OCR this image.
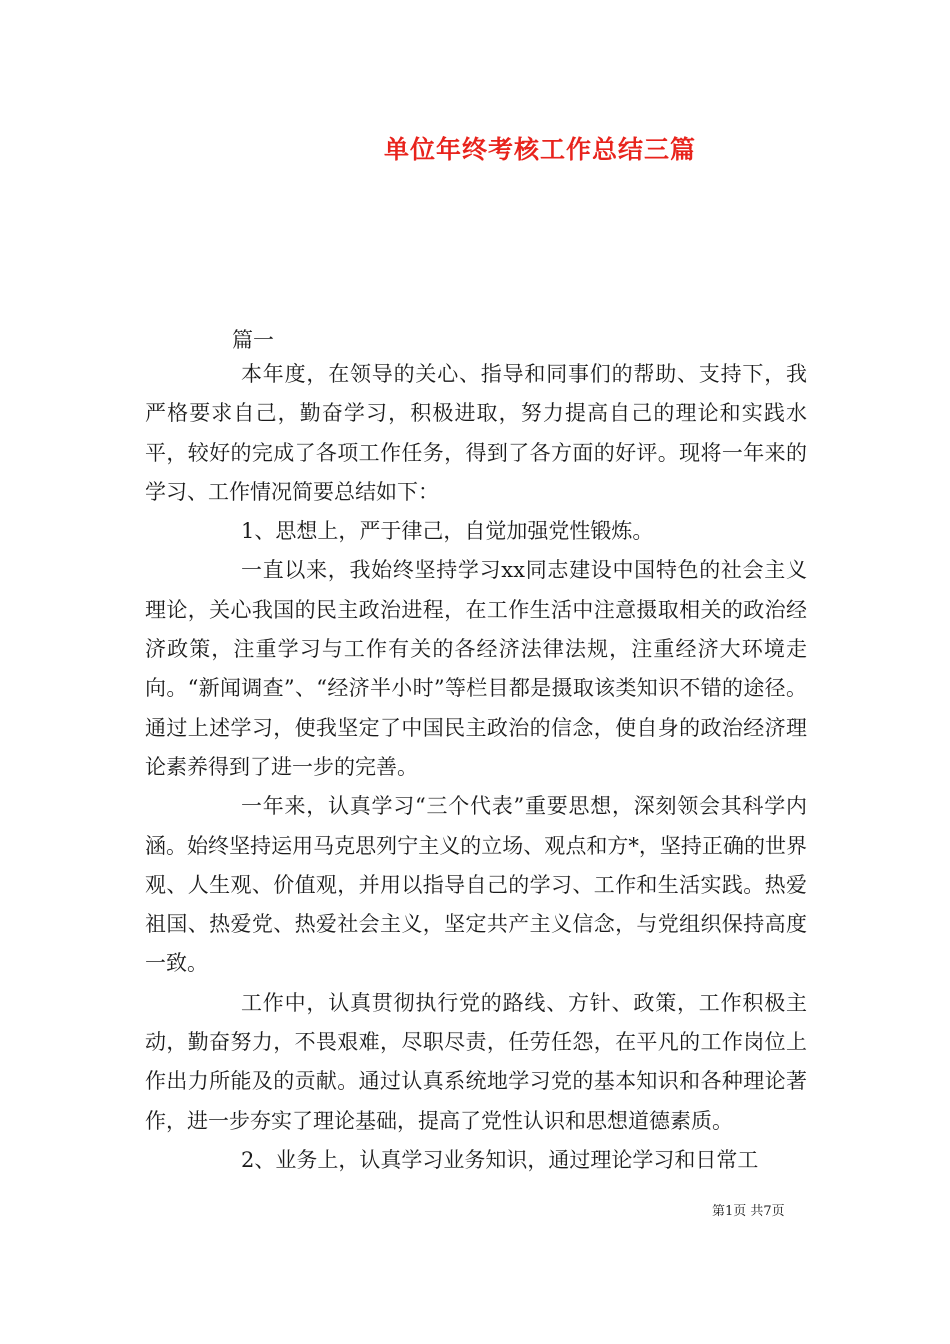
单位年终考核工作总结三篇
篇一

本年度，在领导的关心、指导和同事们的帮助、支持下，我严格要求自己，勤奋学习，积极进取，努力提高自己的理论和实践水平，较好的完成了各项工作任务，得到了各方面的好评。现将一年来的学习、工作情况简要总结如下：

1、思想上，严于律己，自觉加强党性锻炼。

一直以来，我始终坚持学习xx同志建设中国特色的社会主义理论，关心我国的民主政治进程，在工作生活中注意摄取相关的政治经济政策，注重学习与工作有关的各经济法律法规，注重经济大环境走向。“新闻调查”、“经济半小时”等栏目都是摄取该类知识不错的途径。通过上述学习，使我坚定了中国民主政治的信念，使自身的政治经济理论素养得到了进一步的完善。

一年来，认真学习“三个代表”重要思想，深刻领会其科学内涵。始终坚持运用马克思列宁主义的立场、观点和方*，坚持正确的世界观、人生观、价值观，并用以指导自己的学习、工作和生活实践。热爱祖国、热爱党、热爱社会主义，坚定共产主义信念，与党组织保持高度一致。

工作中，认真贯彻执行党的路线、方针、政策，工作积极主动，勤奋努力，不畏艰难，尽职尽责，任劳任怨，在平凡的工作岗位上作出力所能及的贡献。通过认真系统地学习党的基本知识和各种理论著作，进一步夯实了理论基础，提高了党性认识和思想道德素质。

2、业务上，认真学习业务知识，通过理论学习和日常工

第1页 共7页
